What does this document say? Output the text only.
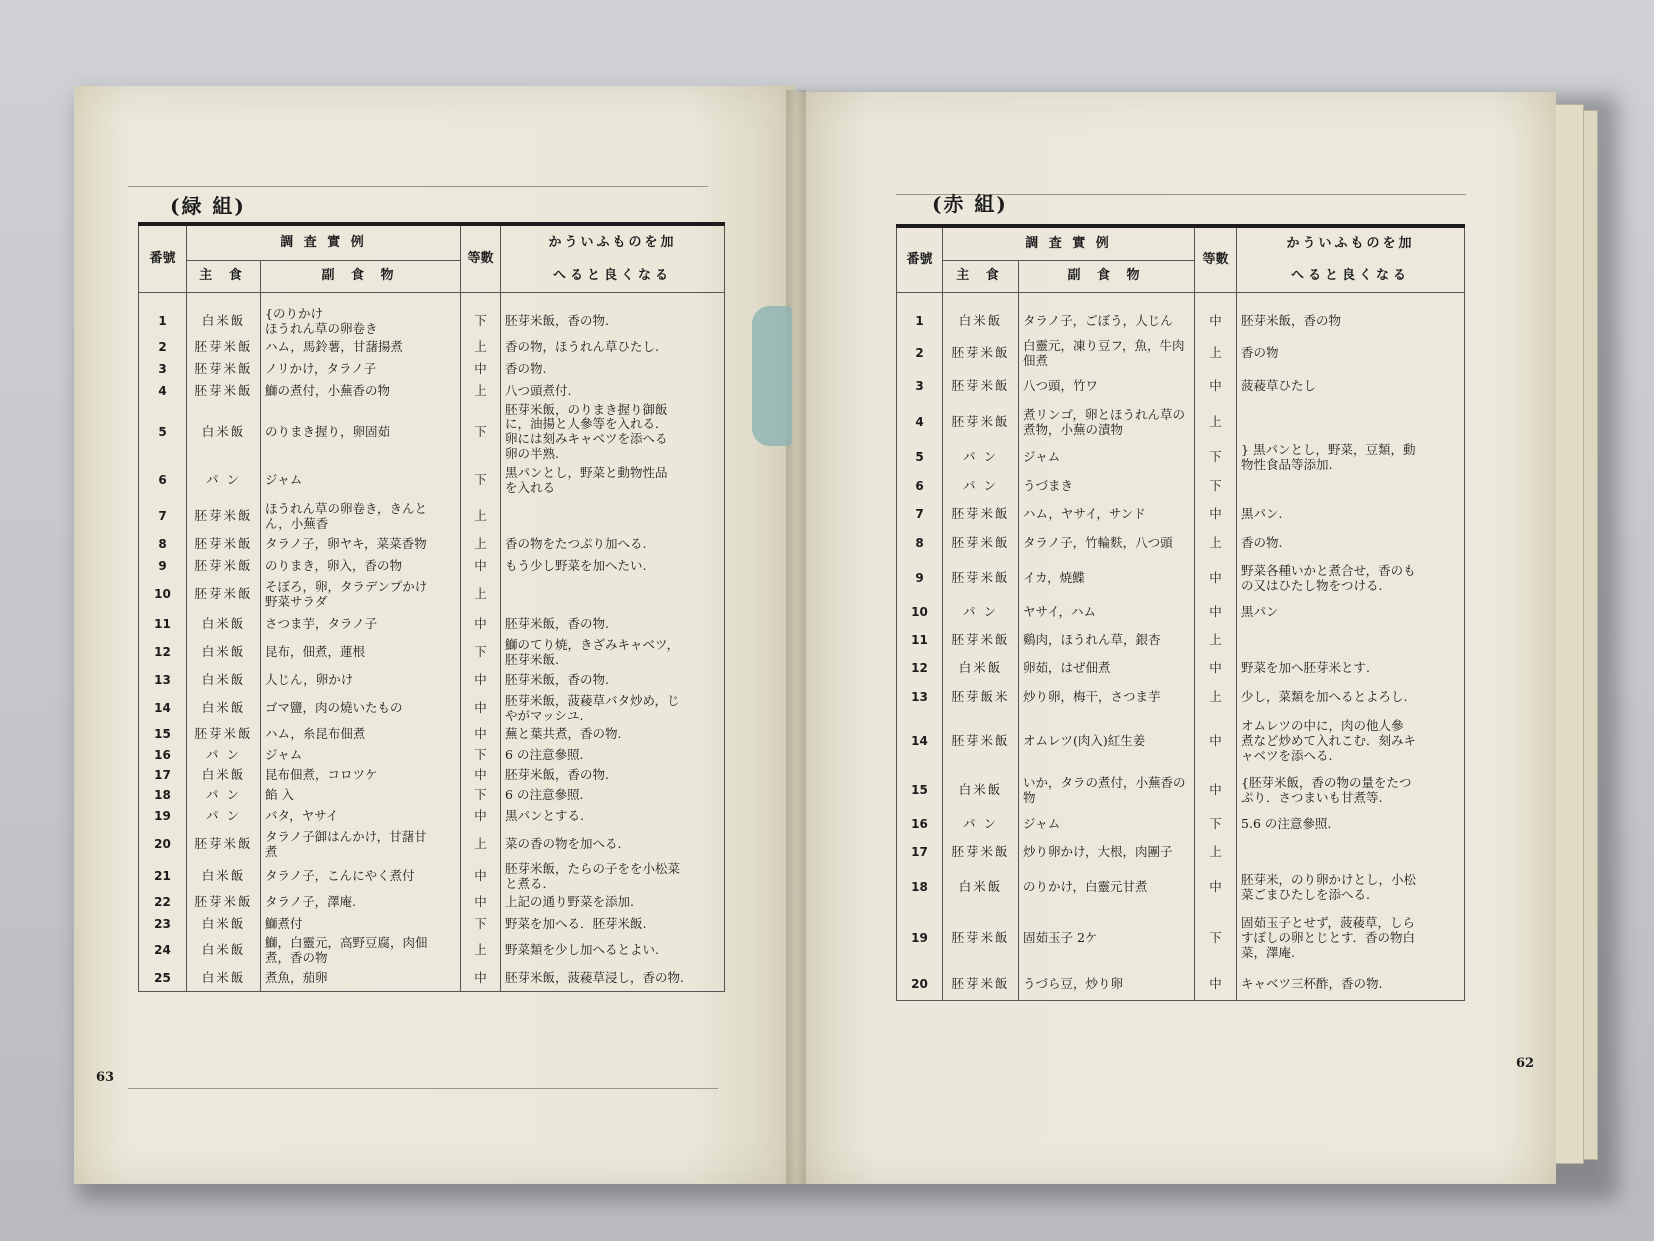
(緑 組)
番號	調 査 實 例		等數	かういふものを加
	主 食	副 食 物		へると良くなる

1	白米飯	{のりかけ
ほうれん草の卵卷き	下	胚芽米飯，香の物.
2	胚芽米飯	ハム，馬鈴薯，甘藷揚煮	上	香の物，ほうれん草ひたし.
3	胚芽米飯	ノリかけ，タラノ子	中	香の物.
4	胚芽米飯	鰤の煮付，小蕪香の物	上	八つ頭煮付.
5	白米飯	のりまき握り，卵固茹	下	胚芽米飯，のりまき握り御飯
に，油揚と人參等を入れる．
卵には刻みキャベツを添へる
卵の半熟.
6	パ ン	ジャム	下	黒パンとし，野菜と動物性品
を入れる
7	胚芽米飯	ほうれん草の卵卷き，きんと
ん，小蕪香	上	
8	胚芽米飯	タラノ子，卵ヤキ，菜菜香物	上	香の物をたつぷり加へる.
9	胚芽米飯	のりまき，卵入，香の物	中	もう少し野菜を加へたい.
10	胚芽米飯	そぼろ，卵，タラデンプかけ
野菜サラダ	上	
11	白米飯	さつま芋，タラノ子	中	胚芽米飯，香の物.
12	白米飯	昆布，佃煮，蓮根	下	鰤のてり焼，きざみキャベツ，
胚芽米飯.
13	白米飯	人じん，卵かけ	中	胚芽米飯，香の物.
14	白米飯	ゴマ鹽，肉の燒いたもの	中	胚芽米飯，菠薐草バタ炒め，じ
やがマッシユ.
15	胚芽米飯	ハム，糸昆布佃煮	中	蕪と葉共煮，香の物.
16	パ ン	ジャム	下	6 の注意參照.
17	白米飯	昆布佃煮，コロツケ	中	胚芽米飯，香の物.
18	パ ン	餡 入	下	6 の注意參照.
19	パ ン	バタ，ヤサイ	中	黒パンとする.
20	胚芽米飯	タラノ子御はんかけ，甘藷甘
煮	上	菜の香の物を加へる.
21	白米飯	タラノ子，こんにやく煮付	中	胚芽米飯，たらの子をを小松菜
と煮る.
22	胚芽米飯	タラノ子，澤庵.	中	上記の通り野菜を添加.
23	白米飯	鰤煮付	下	野菜を加へる．胚芽米飯.
24	白米飯	鰤，白靈元，高野豆腐，肉佃
煮，香の物	上	野菜類を少し加へるとよい.
25	白米飯	煮魚，茄卵	中	胚芽米飯，菠薐草浸し，香の物.
63
(赤 組)
番號	調 査 實 例		等數	かういふものを加
	主 食	副 食 物		へると良くなる

1	白米飯	タラノ子，ごぼう，人じん	中	胚芽米飯，香の物
2	胚芽米飯	白靈元，凍り豆フ，魚，牛肉
佃煮	上	香の物
3	胚芽米飯	八つ頭，竹ワ	中	菠薐草ひたし
4	胚芽米飯	煮リンゴ，卵とほうれん草の
煮物，小蕪の漬物	上	
5	パ ン	ジャム	下	} 黒パンとし，野菜，豆類，動
物性食品等添加.
6	パ ン	うづまき	下	
7	胚芽米飯	ハム，ヤサイ，サンド	中	黒パン.
8	胚芽米飯	タラノ子，竹輪麩，八つ頭	上	香の物.
9	胚芽米飯	イカ，焼鰈	中	野菜各種いかと煮合せ，香のも
の又はひたし物をつける.
10	パ ン	ヤサイ，ハム	中	黒パン
11	胚芽米飯	鷄肉，ほうれん草，銀杏	上	
12	白米飯	卵茹，はぜ佃煮	中	野菜を加へ胚芽米とす.
13	胚芽飯米	炒り卵，梅干，さつま芋	上	少し，菜類を加へるとよろし.
14	胚芽米飯	オムレツ(肉入)紅生姜	中	オムレツの中に，肉の他人參
煮など炒めて入れこむ．刻みキ
ャベツを添へる.
15	白米飯	いか，タラの煮付，小蕪香の
物	中	{胚芽米飯，香の物の量をたつ
ぷり．さつまいも甘煮等.
16	パ ン	ジャム	下	5.6 の注意參照.
17	胚芽米飯	炒り卵かけ，大根，肉團子	上	
18	白米飯	のりかけ，白靈元甘煮	中	胚芽米，のり卵かけとし，小松
菜ごまひたしを添へる.
19	胚芽米飯	固茹玉子 2ケ	下	固茹玉子とせず，菠薐草，しら
すぼしの卵とじとす．香の物白
菜，澤庵.
20	胚芽米飯	うづら豆，炒り卵	中	キャベツ三杯酢，香の物.
62
